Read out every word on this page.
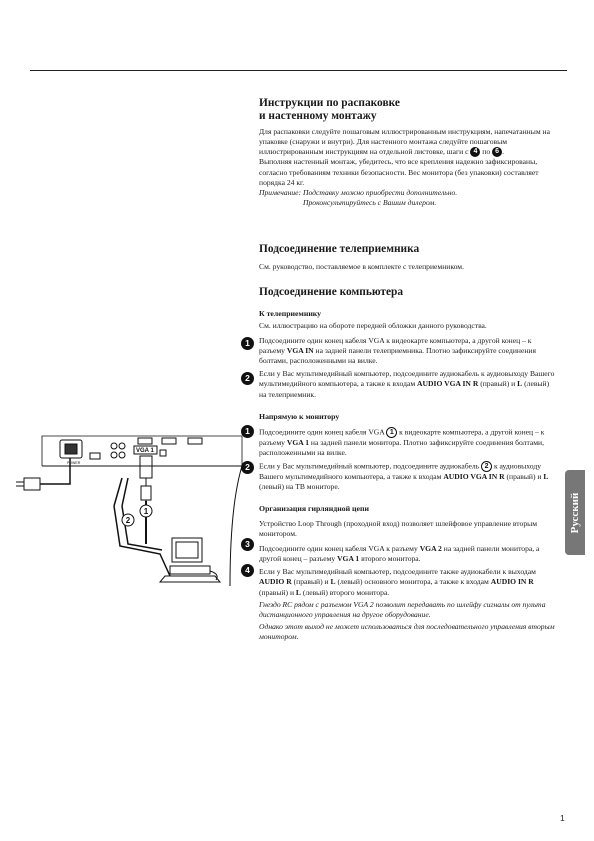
Инструкции по распаковке
и настенному монтажу

Для распаковки следуйте пошаговым иллюстрированным инструкциям, напечатанным на упаковке (снаружи и внутри). Для настенного монтажа следуйте пошаговым иллюстрированным инструкциям на отдельной листовке, шаги с 4 по 6 .

Выполняя настенный монтаж, убедитесь, что все крепления надежно зафиксированы, согласно требованиям техники безопасности. Вес монитора (без упаковки) составляет порядка 24 кг.

Примечание: Подставку можно приобрести дополнительно.

Проконсультируйтесь с Вашим дилером.

Подсоединение телеприемника

См. руководство, поставляемое в комплекте с телеприемником.

Подсоединение компьютера
К телеприемнику

См. иллюстрацию на обороте передней обложки данного руководства.

Подсоедините один конец кабеля VGA к видеокарте компьютера, а другой конец – к разъему VGA IN на задней панели телеприемника. Плотно зафиксируйте соединения болтами, расположенными на вилке.

Если у Вас мультимедийный компьютер, подсоедините аудиокабель к аудиовыходу Вашего мультимедийного компьютера, а также к входам AUDIO VGA IN R (правый) и L (левый) на телеприемник.

1
2
Напрямую к монитору

Подсоедините один конец кабеля VGA 1 к видеокарте компьютера, а другой конец – к разъему VGA 1 на задней панели монитора. Плотно зафиксируйте соединения болтами, расположенными на вилке.

Если у Вас мультимедийный компьютер, подсоедините аудиокабель 2 к аудиовыходу Вашего мультимедийного компьютера, а также к входам AUDIO VGA IN R (правый) и L (левый) на ТВ мониторе.

1
2
Организация гирляндной цепи

Устройство Loop Through (проходной вход) позволяет шлейфовое управление вторым монитором.

Подсоедините один конец кабеля VGA к разъему VGA 2 на задней панели монитора, а другой конец – разъему VGA 1 второго монитора.

Если у Вас мультимедийный компьютер, подсоедините также аудиокабели к выходам AUDIO R (правый) и L (левый) основного монитора, а также к входам AUDIO IN R (правый) и L (левый) второго монитора.

Гнездо RC рядом с разъемом VGA 2 позволит передавать по шлейфу сигналы от пульта дистанционного управления на другое оборудование.

Однако этот выход не может использоваться для последовательного управления вторым монитором.

3
4
VGA 1
POWER
1
2	Русский
1
